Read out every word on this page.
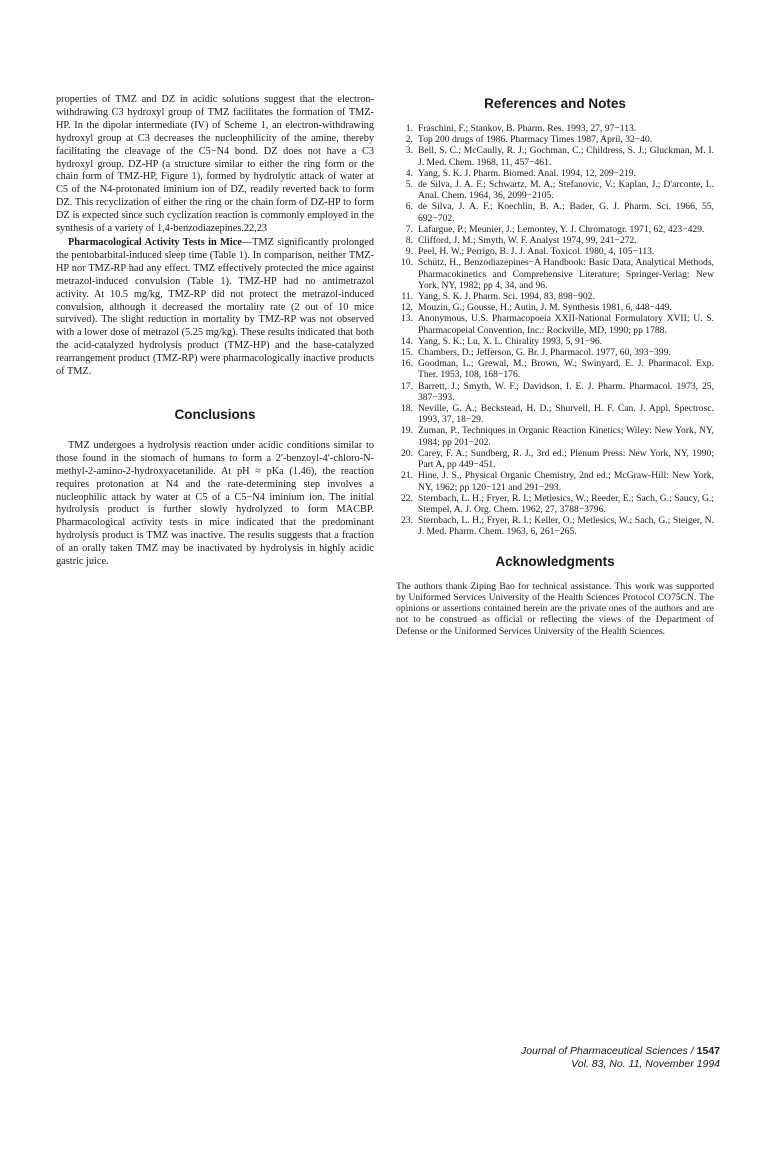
properties of TMZ and DZ in acidic solutions suggest that the electron-withdrawing C3 hydroxyl group of TMZ facilitates the formation of TMZ-HP. In the dipolar intermediate (IV) of Scheme 1, an electron-withdrawing hydroxyl group at C3 decreases the nucleophilicity of the amine, thereby facilitating the cleavage of the C5−N4 bond. DZ does not have a C3 hydroxyl group. DZ-HP (a structure similar to either the ring form or the chain form of TMZ-HP, Figure 1), formed by hydrolytic attack of water at C5 of the N4-protonated iminium ion of DZ, readily reverted back to form DZ. This recyclization of either the ring or the chain form of DZ-HP to form DZ is expected since such cyclization reaction is commonly employed in the synthesis of a variety of 1,4-benzodiazepines.22,23

Pharmacological Activity Tests in Mice—TMZ significantly prolonged the pentobarbital-induced sleep time (Table 1). In comparison, neither TMZ-HP nor TMZ-RP had any effect. TMZ effectively protected the mice against metrazol-induced convulsion (Table 1). TMZ-HP had no antimetrazol activity. At 10.5 mg/kg, TMZ-RP did not protect the metrazol-induced convulsion, although it decreased the mortality rate (2 out of 10 mice survived). The slight reduction in mortality by TMZ-RP was not observed with a lower dose of metrazol (5.25 mg/kg). These results indicated that both the acid-catalyzed hydrolysis product (TMZ-HP) and the base-catalyzed rearrangement product (TMZ-RP) were pharmacologically inactive products of TMZ.

Conclusions

TMZ undergoes a hydrolysis reaction under acidic conditions similar to those found in the stomach of humans to form a 2′-benzoyl-4′-chloro-N-methyl-2-amino-2-hydroxyacetanilide. At pH ≈ pKa (1.46), the reaction requires protonation at N4 and the rate-determining step involves a nucleophilic attack by water at C5 of a C5−N4 iminium ion. The initial hydrolysis product is further slowly hydrolyzed to form MACBP. Pharmacological activity tests in mice indicated that the predominant hydrolysis product is TMZ was inactive. The results suggests that a fraction of an orally taken TMZ may be inactivated by hydrolysis in highly acidic gastric juice.

References and Notes
1. Fraschini, F.; Stankov, B. Pharm. Res. 1993, 27, 97−113.
2. Top 200 drugs of 1986. Pharmacy Times 1987, April, 32−40.
3. Bell, S. C.; McCaully, R. J.; Gochman, C.; Childress, S. J.; Gluckman, M. I. J. Med. Chem. 1968, 11, 457−461.
4. Yang, S. K. J. Pharm. Biomed. Anal. 1994, 12, 209−219.
5. de Silva, J. A. F.; Schwartz, M. A.; Stefanovic, V.; Kaplan, J.; D'arconte, L. Anal. Chem. 1964, 36, 2099−2105.
6. de Silva, J. A. F.; Koechlin, B. A.; Bader, G. J. Pharm. Sci. 1966, 55, 692−702.
7. Lafargue, P.; Meunier, J.; Lemontey, Y. J. Chromatogr. 1971, 62, 423−429.
8. Clifford, J. M.; Smyth, W. F. Analyst 1974, 99, 241−272.
9. Peel, H. W.; Perrigo, B. J. J. Anal. Toxicol. 1980, 4, 105−113.
10. Schütz, H., Benzodiazepines−A Handbook: Basic Data, Analytical Methods, Pharmacokinetics and Comprehensive Literature; Springer-Verlag: New York, NY, 1982; pp 4, 34, and 96.
11. Yang, S. K. J. Pharm. Sci. 1994, 83, 898−902.
12. Mouzin, G.; Gousse, H.; Autin, J. M. Synthesis 1981, 6, 448−449.
13. Anonymous, U.S. Pharmacopoeia XXII-National Formulatory XVII; U. S. Pharmacopeial Convention, Inc.: Rockville, MD, 1990; pp 1788.
14. Yang, S. K.; Lu, X. L. Chirality 1993, 5, 91−96.
15. Chambers, D.; Jefferson, G. Br. J. Pharmacol. 1977, 60, 393−399.
16. Goodman, L.; Grewal, M.; Brown, W.; Swinyard, E. J. Pharmacol. Exp. Ther. 1953, 108, 168−176.
17. Barrett, J.; Smyth, W. F.; Davidson, I. E. J. Pharm. Pharmacol. 1973, 25, 387−393.
18. Neville, G. A.; Beckstead, H. D.; Shurvell, H. F. Can. J. Appl. Spectrosc. 1993, 37, 18−29.
19. Zuman, P., Techniques in Organic Reaction Kinetics; Wiley: New York, NY, 1984; pp 201−202.
20. Carey, F. A.; Sundberg, R. J., 3rd ed.; Plenum Press: New York, NY, 1990; Part A, pp 449−451.
21. Hine, J. S., Physical Organic Chemistry, 2nd ed.; McGraw-Hill: New York, NY, 1962; pp 120−121 and 291−293.
22. Sternbach, L. H.; Fryer, R. I.; Metlesics, W.; Reeder, E.; Sach, G.; Saucy, G.; Stempel, A. J. Org. Chem. 1962, 27, 3788−3796.
23. Sternbach, L. H.; Fryer, R. I.; Keller, O.; Metlesics, W.; Sach, G.; Steiger, N. J. Med. Pharm. Chem. 1963, 6, 261−265.
Acknowledgments

The authors thank Ziping Bao for technical assistance. This work was supported by Uniformed Services University of the Health Sciences Protocol CO75CN. The opinions or assertions contained herein are the private ones of the authors and are not to be construed as official or reflecting the views of the Department of Defense or the Uniformed Services University of the Health Sciences.

Journal of Pharmaceutical Sciences / 1547
Vol. 83, No. 11, November 1994
